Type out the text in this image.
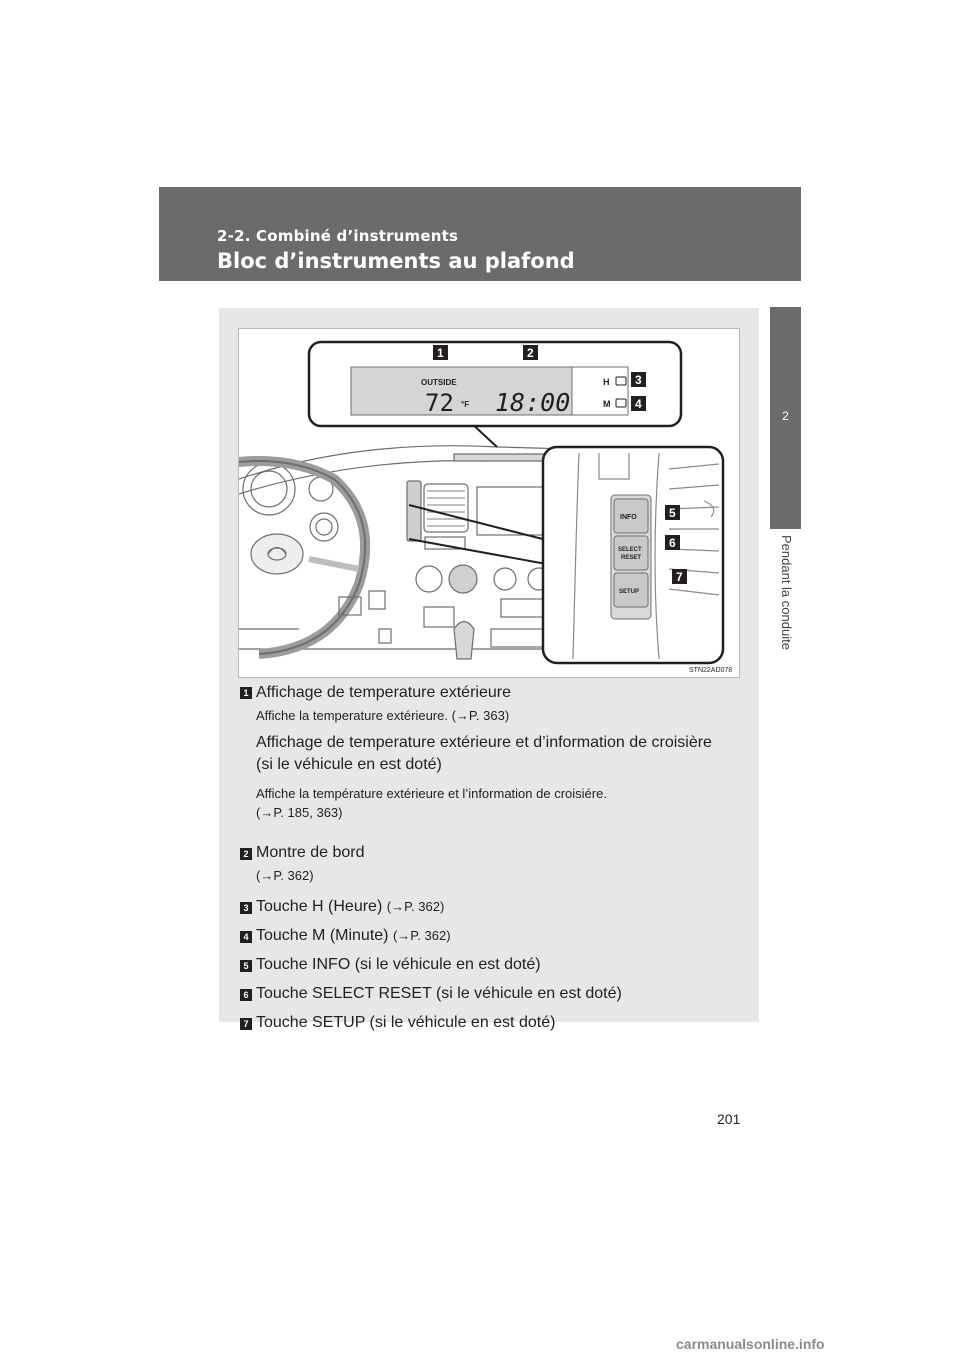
2-2. Combiné d’instruments
Bloc d’instruments au plafond
2
Pendant la conduite
OUTSIDE
72 °F 18:00
H
M
1	2
3
4
INFO
SELECT
RESET
SETUP
5
6
7
STN22AD078
1 Affichage de temperature extérieure
Affiche la temperature extérieure. (→P. 363)
Affichage de temperature extérieure et d’information de croisière
(si le véhicule en est doté)
Affiche la température extérieure et l’information de croisiére.
(→P. 185, 363)
2 Montre de bord
(→P. 362)
3 Touche H (Heure) (→P. 362)
4 Touche M (Minute) (→P. 362)
5 Touche INFO (si le véhicule en est doté)
6 Touche SELECT RESET (si le véhicule en est doté)
7 Touche SETUP (si le véhicule en est doté)
201
carmanualsonline.info
